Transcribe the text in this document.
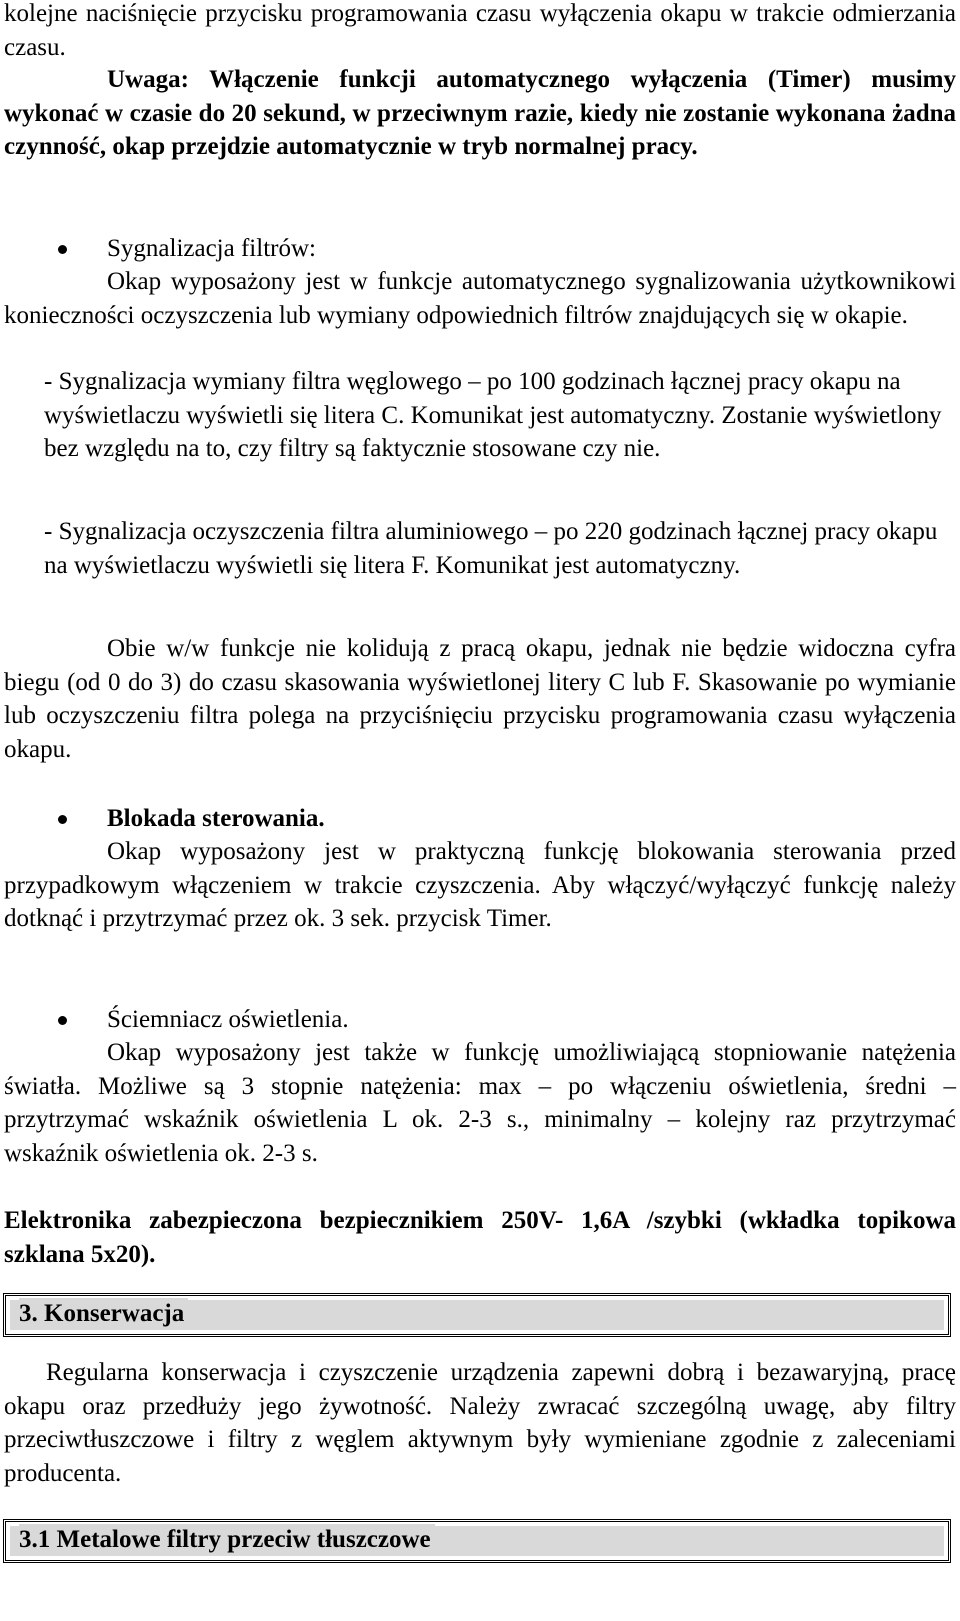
kolejne naciśnięcie przycisku programowania czasu wyłączenia okapu w trakcie odmierzania czasu.

Uwaga: Włączenie funkcji automatycznego wyłączenia (Timer) musimy wykonać w czasie do 20 sekund, w przeciwnym razie, kiedy nie zostanie wykonana żadna czynność, okap przejdzie automatycznie w tryb normalnej pracy.

Sygnalizacja filtrów:

Okap wyposażony jest w funkcje automatycznego sygnalizowania użytkownikowi konieczności oczyszczenia lub wymiany odpowiednich filtrów znajdujących się w okapie.

- Sygnalizacja wymiany filtra węglowego – po 100 godzinach łącznej pracy okapu na wyświetlaczu wyświetli się litera C. Komunikat jest automatyczny. Zostanie wyświetlony bez względu na to, czy filtry są faktycznie stosowane czy nie.

- Sygnalizacja oczyszczenia filtra aluminiowego – po 220 godzinach łącznej pracy okapu na wyświetlaczu wyświetli się litera F. Komunikat jest automatyczny.

Obie w/w funkcje nie kolidują z pracą okapu, jednak nie będzie widoczna cyfra biegu (od 0 do 3) do czasu skasowania wyświetlonej litery C lub F. Skasowanie po wymianie lub oczyszczeniu filtra polega na przyciśnięciu przycisku programowania czasu wyłączenia okapu.

Blokada sterowania.

Okap wyposażony jest w praktyczną funkcję blokowania sterowania przed przypadkowym włączeniem w trakcie czyszczenia. Aby włączyć/wyłączyć funkcję należy dotknąć i przytrzymać przez ok. 3 sek. przycisk Timer.

Ściemniacz oświetlenia.

Okap wyposażony jest także w funkcję umożliwiającą stopniowanie natężenia światła. Możliwe są 3 stopnie natężenia: max – po włączeniu oświetlenia, średni – przytrzymać wskaźnik oświetlenia L ok. 2-3 s., minimalny – kolejny raz przytrzymać wskaźnik oświetlenia ok. 2-3 s.

Elektronika zabezpieczona bezpiecznikiem 250V- 1,6A /szybki (wkładka topikowa szklana 5x20).

3. Konserwacja

Regularna konserwacja i czyszczenie urządzenia zapewni dobrą i bezawaryjną, pracę okapu oraz przedłuży jego żywotność. Należy zwracać szczególną uwagę, aby filtry przeciwtłuszczowe i filtry z węglem aktywnym były wymieniane zgodnie z zaleceniami producenta.

3.1 Metalowe filtry przeciw tłuszczowe
